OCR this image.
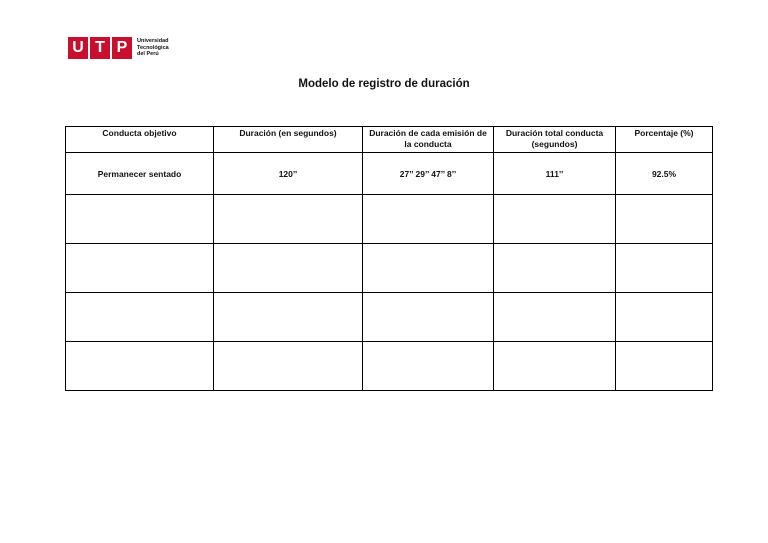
U T P	Universidad
Tecnológica
del Perú
Modelo de registro de duración
Conducta objetivo	Duración (en segundos)	Duración de cada emisión de la conducta	Duración total conducta (segundos)	Porcentaje (%)
Permanecer sentado	120’’	27’’ 29’’ 47’’ 8’’	111’’	92.5%
